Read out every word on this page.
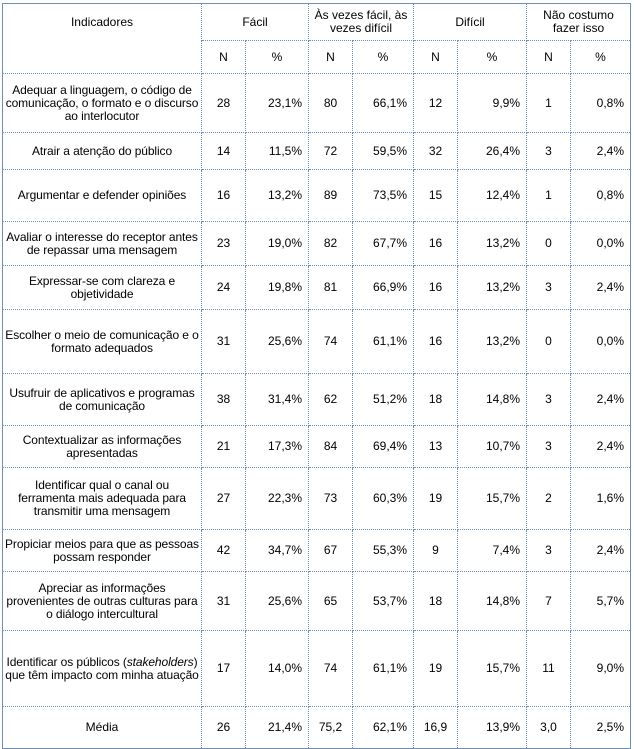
Indicadores	Fácil		Às vezes fácil, às vezes difícil		Difícil		Não costumo fazer isso	
	N	%	N	%	N	%	N	%
Adequar a linguagem, o código de comunicação, o formato e o discurso ao interlocutor	28	23,1%	80	66,1%	12	9,9%	1	0,8%
Atrair a atenção do público	14	11,5%	72	59,5%	32	26,4%	3	2,4%
Argumentar e defender opiniões	16	13,2%	89	73,5%	15	12,4%	1	0,8%
Avaliar o interesse do receptor antes de repassar uma mensagem	23	19,0%	82	67,7%	16	13,2%	0	0,0%
Expressar-se com clareza e objetividade	24	19,8%	81	66,9%	16	13,2%	3	2,4%
Escolher o meio de comunicação e o formato adequados	31	25,6%	74	61,1%	16	13,2%	0	0,0%
Usufruir de aplicativos e programas de comunicação	38	31,4%	62	51,2%	18	14,8%	3	2,4%
Contextualizar as informações apresentadas	21	17,3%	84	69,4%	13	10,7%	3	2,4%
Identificar qual o canal ou ferramenta mais adequada para transmitir uma mensagem	27	22,3%	73	60,3%	19	15,7%	2	1,6%
Propiciar meios para que as pessoas possam responder	42	34,7%	67	55,3%	9	7,4%	3	2,4%
Apreciar as informações provenientes de outras culturas para o diálogo intercultural	31	25,6%	65	53,7%	18	14,8%	7	5,7%
Identificar os públicos (stakeholders) que têm impacto com minha atuação	17	14,0%	74	61,1%	19	15,7%	11	9,0%
Média	26	21,4%	75,2	62,1%	16,9	13,9%	3,0	2,5%
